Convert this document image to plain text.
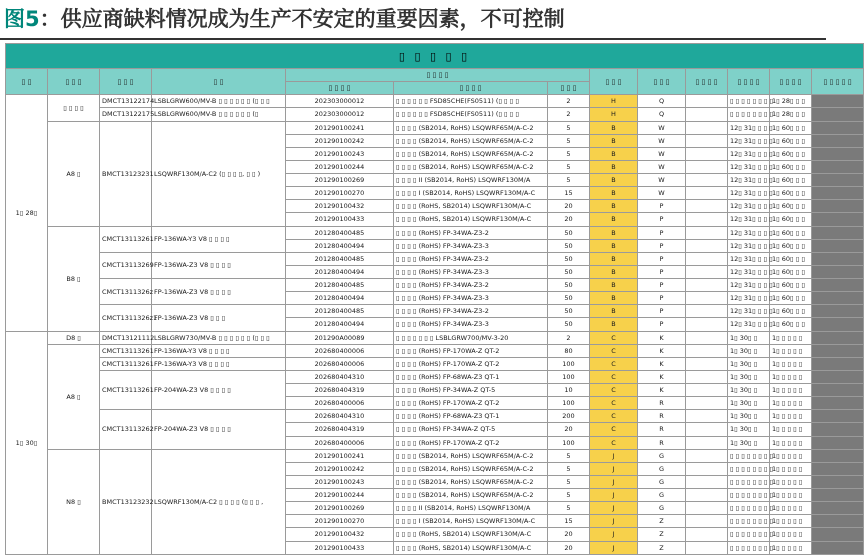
图5：供应商缺料情况成为生产不安定的重要因素，不可控制
▯ ▯ ▯ ▯ ▯												
▯ ▯	▯ ▯ ▯	▯ ▯ ▯	▯ ▯	▯ ▯ ▯ ▯			▯ ▯ ▯	▯ ▯ ▯	▯ ▯ ▯ ▯	▯ ▯ ▯ ▯	▯ ▯ ▯ ▯	▯ ▯ ▯ ▯ ▯
				▯ ▯ ▯ ▯	▯ ▯ ▯ ▯	▯ ▯ ▯						
1▯ 28▯	▯ ▯ ▯ ▯	DMCT13122174	LSBLGRW600/MV-B ▯ ▯ ▯ ▯ ▯ ▯ (▯ ▯ ▯	202303000012	▯ ▯ ▯ ▯ ▯ ▯ FSD85CHE(FS0511) (▯ ▯ ▯ ▯	2	H	Q		▯ ▯ ▯ ▯ ▯ ▯ ▯ ▯	1▯ 28▯ ▯ ▯	
		DMCT13122175	LSBLGRW600/MV-B ▯ ▯ ▯ ▯ ▯ ▯ (▯	202303000012	▯ ▯ ▯ ▯ ▯ ▯ FSD85CHE(FS0511) (▯ ▯ ▯ ▯	2	H	Q		▯ ▯ ▯ ▯ ▯ ▯ ▯ ▯	1▯ 28▯ ▯ ▯	
	A8 ▯	BMCT13123231	LSQWRF130M/A-C2 (▯ ▯ ▯ ▯, ▯ ▯ )	201290100241	▯ ▯ ▯ ▯ (SB2014, RoHS) LSQWRF65M/A-C-2	5	B	W		12▯ 31▯ ▯ ▯ ▯	1▯ 60▯ ▯ ▯	
				201290100242	▯ ▯ ▯ ▯ (SB2014, RoHS) LSQWRF65M/A-C-2	5	B	W		12▯ 31▯ ▯ ▯ ▯	1▯ 60▯ ▯ ▯	
				201290100243	▯ ▯ ▯ ▯ (SB2014, RoHS) LSQWRF65M/A-C-2	5	B	W		12▯ 31▯ ▯ ▯ ▯	1▯ 60▯ ▯ ▯	
				201290100244	▯ ▯ ▯ ▯ (SB2014, RoHS) LSQWRF65M/A-C-2	5	B	W		12▯ 31▯ ▯ ▯ ▯	1▯ 60▯ ▯ ▯	
				201290100269	▯ ▯ ▯ ▯ II (SB2014, RoHS) LSQWRF130M/A	5	B	W		12▯ 31▯ ▯ ▯ ▯	1▯ 60▯ ▯ ▯	
				201290100270	▯ ▯ ▯ ▯ I (SB2014, RoHS) LSQWRF130M/A-C	15	B	W		12▯ 31▯ ▯ ▯ ▯	1▯ 60▯ ▯ ▯	
				201290100432	▯ ▯ ▯ ▯ (RoHS, SB2014) LSQWRF130M/A-C	20	B	P		12▯ 31▯ ▯ ▯ ▯	1▯ 60▯ ▯ ▯	
				201290100433	▯ ▯ ▯ ▯ (RoHS, SB2014) LSQWRF130M/A-C	20	B	P		12▯ 31▯ ▯ ▯ ▯	1▯ 60▯ ▯ ▯	
	B8 ▯	CMCT13113261	FP-136WA-Y3 V8 ▯ ▯ ▯ ▯	201280400485	▯ ▯ ▯ ▯ (RoHS) FP-34WA-Z3-2	50	B	P		12▯ 31▯ ▯ ▯ ▯	1▯ 60▯ ▯ ▯	
				201280400494	▯ ▯ ▯ ▯ (RoHS) FP-34WA-Z3-3	50	B	P		12▯ 31▯ ▯ ▯ ▯	1▯ 60▯ ▯ ▯	
		CMCT13113269	FP-136WA-Z3 V8 ▯ ▯ ▯ ▯	201280400485	▯ ▯ ▯ ▯ (RoHS) FP-34WA-Z3-2	50	B	P		12▯ 31▯ ▯ ▯ ▯	1▯ 60▯ ▯ ▯	
				201280400494	▯ ▯ ▯ ▯ (RoHS) FP-34WA-Z3-3	50	B	P		12▯ 31▯ ▯ ▯ ▯	1▯ 60▯ ▯ ▯	
		CMCT1311326z	FP-136WA-Z3 V8 ▯ ▯ ▯ ▯	201280400485	▯ ▯ ▯ ▯ (RoHS) FP-34WA-Z3-2	50	B	P		12▯ 31▯ ▯ ▯ ▯	1▯ 60▯ ▯ ▯	
				201280400494	▯ ▯ ▯ ▯ (RoHS) FP-34WA-Z3-3	50	B	P		12▯ 31▯ ▯ ▯ ▯	1▯ 60▯ ▯ ▯	
		CMCT1311326z1	FP-136WA-Z3 V8 ▯ ▯ ▯	201280400485	▯ ▯ ▯ ▯ (RoHS) FP-34WA-Z3-2	50	B	P		12▯ 31▯ ▯ ▯ ▯	1▯ 60▯ ▯ ▯	
				201280400494	▯ ▯ ▯ ▯ (RoHS) FP-34WA-Z3-3	50	B	P		12▯ 31▯ ▯ ▯ ▯	1▯ 60▯ ▯ ▯	
1▯ 30▯	D8 ▯	DMCT13121112	LSBLGRW730/MV-B ▯ ▯ ▯ ▯ ▯ ▯ (▯ ▯ ▯	201290A00089	▯ ▯ ▯ ▯ ▯ ▯ ▯ LSBLGRW700/MV-3-20	2	C	K		1▯ 30▯ ▯	1▯ ▯ ▯ ▯ ▯	
	A8 ▯	CMCT13113261	FP-136WA-Y3 V8 ▯ ▯ ▯ ▯	202680400006	▯ ▯ ▯ ▯ (RoHS) FP-170WA-Z QT-2	80	C	K		1▯ 30▯ ▯	1▯ ▯ ▯ ▯ ▯	
		CMCT13113261	FP-136WA-Y3 V8 ▯ ▯ ▯ ▯	202680400006	▯ ▯ ▯ ▯ (RoHS) FP-170WA-Z QT-2	100	C	K		1▯ 30▯ ▯	1▯ ▯ ▯ ▯ ▯	
		CMCT13113261	FP-204WA-Z3 V8 ▯ ▯ ▯ ▯	202680404310	▯ ▯ ▯ ▯ (RoHS) FP-68WA-Z3 QT-1	100	C	K		1▯ 30▯ ▯	1▯ ▯ ▯ ▯ ▯	
				202680404319	▯ ▯ ▯ ▯ (RoHS) FP-34WA-Z QT-5	10	C	K		1▯ 30▯ ▯	1▯ ▯ ▯ ▯ ▯	
				202680400006	▯ ▯ ▯ ▯ (RoHS) FP-170WA-Z QT-2	100	C	R		1▯ 30▯ ▯	1▯ ▯ ▯ ▯ ▯	
		CMCT13113262	FP-204WA-Z3 V8 ▯ ▯ ▯ ▯	202680404310	▯ ▯ ▯ ▯ (RoHS) FP-68WA-Z3 QT-1	200	C	R		1▯ 30▯ ▯	1▯ ▯ ▯ ▯ ▯	
				202680404319	▯ ▯ ▯ ▯ (RoHS) FP-34WA-Z QT-5	20	C	R		1▯ 30▯ ▯	1▯ ▯ ▯ ▯ ▯	
				202680400006	▯ ▯ ▯ ▯ (RoHS) FP-170WA-Z QT-2	100	C	R		1▯ 30▯ ▯	1▯ ▯ ▯ ▯ ▯	
	N8 ▯	BMCT13123232	LSQWRF130M/A-C2 ▯ ▯ ▯ ▯ (▯ ▯ ▯ ,	201290100241	▯ ▯ ▯ ▯ (SB2014, RoHS) LSQWRF65M/A-C-2	5	J	G		▯ ▯ ▯ ▯ ▯ ▯ ▯ ▯	1▯ ▯ ▯ ▯ ▯	
				201290100242	▯ ▯ ▯ ▯ (SB2014, RoHS) LSQWRF65M/A-C-2	5	J	G		▯ ▯ ▯ ▯ ▯ ▯ ▯ ▯	1▯ ▯ ▯ ▯ ▯	
				201290100243	▯ ▯ ▯ ▯ (SB2014, RoHS) LSQWRF65M/A-C-2	5	J	G		▯ ▯ ▯ ▯ ▯ ▯ ▯ ▯	1▯ ▯ ▯ ▯ ▯	
				201290100244	▯ ▯ ▯ ▯ (SB2014, RoHS) LSQWRF65M/A-C-2	5	J	G		▯ ▯ ▯ ▯ ▯ ▯ ▯ ▯	1▯ ▯ ▯ ▯ ▯	
				201290100269	▯ ▯ ▯ ▯ II (SB2014, RoHS) LSQWRF130M/A	5	J	G		▯ ▯ ▯ ▯ ▯ ▯ ▯ ▯	1▯ ▯ ▯ ▯ ▯	
				201290100270	▯ ▯ ▯ ▯ I (SB2014, RoHS) LSQWRF130M/A-C	15	J	Z		▯ ▯ ▯ ▯ ▯ ▯ ▯ ▯	1▯ ▯ ▯ ▯ ▯	
				201290100432	▯ ▯ ▯ ▯ (RoHS, SB2014) LSQWRF130M/A-C	20	J	Z		▯ ▯ ▯ ▯ ▯ ▯ ▯ ▯	1▯ ▯ ▯ ▯ ▯	
				201290100433	▯ ▯ ▯ ▯ (RoHS, SB2014) LSQWRF130M/A-C	20	J	Z		▯ ▯ ▯ ▯ ▯ ▯ ▯ ▯	1▯ ▯ ▯ ▯ ▯	
